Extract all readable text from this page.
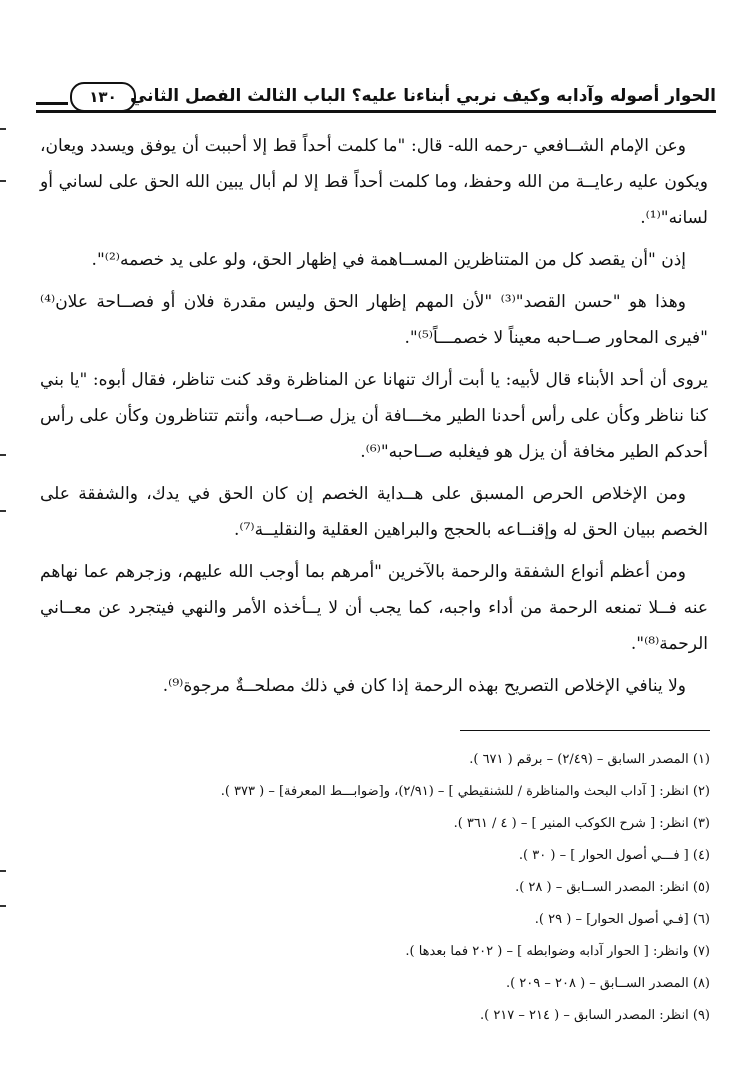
١٣٠ الحوار أصوله وآدابه وكيف نربي أبناءنا عليه؟ الباب الثالث الفصل الثاني

وعن الإمام الشــافعي -رحمه الله- قال: "ما كلمت أحداً قط إلا أحببت أن يوفق ويسدد ويعان، ويكون عليه رعايــة من الله وحفظ، وما كلمت أحداً قط إلا لم أبال يبين الله الحق على لساني أو لسانه"⁽¹⁾.

إذن "أن يقصد كل من المتناظرين المســاهمة في إظهار الحق، ولو على يد خصمه⁽²⁾".

وهذا هو "حسن القصد"⁽³⁾ "لأن المهم إظهار الحق وليس مقدرة فلان أو فصــاحة علان⁽⁴⁾ "فيرى المحاور صــاحبه معيناً لا خصمـــاً⁽⁵⁾".

يروى أن أحد الأبناء قال لأبيه: يا أبت أراك تنهانا عن المناظرة وقد كنت تناظر، فقال أبوه: "يا بني كنا نناظر وكأن على رأس أحدنا الطير مخـــافة أن يزل صــاحبه، وأنتم تتناظرون وكأن على رأس أحدكم الطير مخافة أن يزل هو فيغلبه صــاحبه"⁽⁶⁾.

ومن الإخلاص الحرص المسبق على هــداية الخصم إن كان الحق في يدك، والشفقة على الخصم ببيان الحق له وإقنــاعه بالحجج والبراهين العقلية والنقليــة⁽⁷⁾.

ومن أعظم أنواع الشفقة والرحمة بالآخرين "أمرهم بما أوجب الله عليهم، وزجرهم عما نهاهم عنه فــلا تمنعه الرحمة من أداء واجبه، كما يجب أن لا يــأخذه الأمر والنهي فيتجرد عن معــاني الرحمة⁽⁸⁾".

ولا ينافي الإخلاص التصريح بهذه الرحمة إذا كان في ذلك مصلحــةٌ مرجوة⁽⁹⁾.

(١) المصدر السابق – (٢/٤٩) – برقم ( ٦٧١ ).
(٢) انظر: [ آداب البحث والمناظرة / للشنقيطي ] – (٢/٩١)، و[ضوابـــط المعرفة] – ( ٣٧٣ ).
(٣) انظر: [ شرح الكوكب المنير ] – ( ٤ / ٣٦١ ).
(٤) [ فـــي أصول الحوار ] – ( ٣٠ ).
(٥) انظر: المصدر الســابق – ( ٢٨ ).
(٦) [فـي أصول الحوار] – ( ٢٩ ).
(٧) وانظر: [ الحوار آدابه وضوابطه ] – ( ٢٠٢ فما بعدها ).
(٨) المصدر الســابق – ( ٢٠٨ – ٢٠٩ ).
(٩) انظر: المصدر السابق – ( ٢١٤ – ٢١٧ ).
